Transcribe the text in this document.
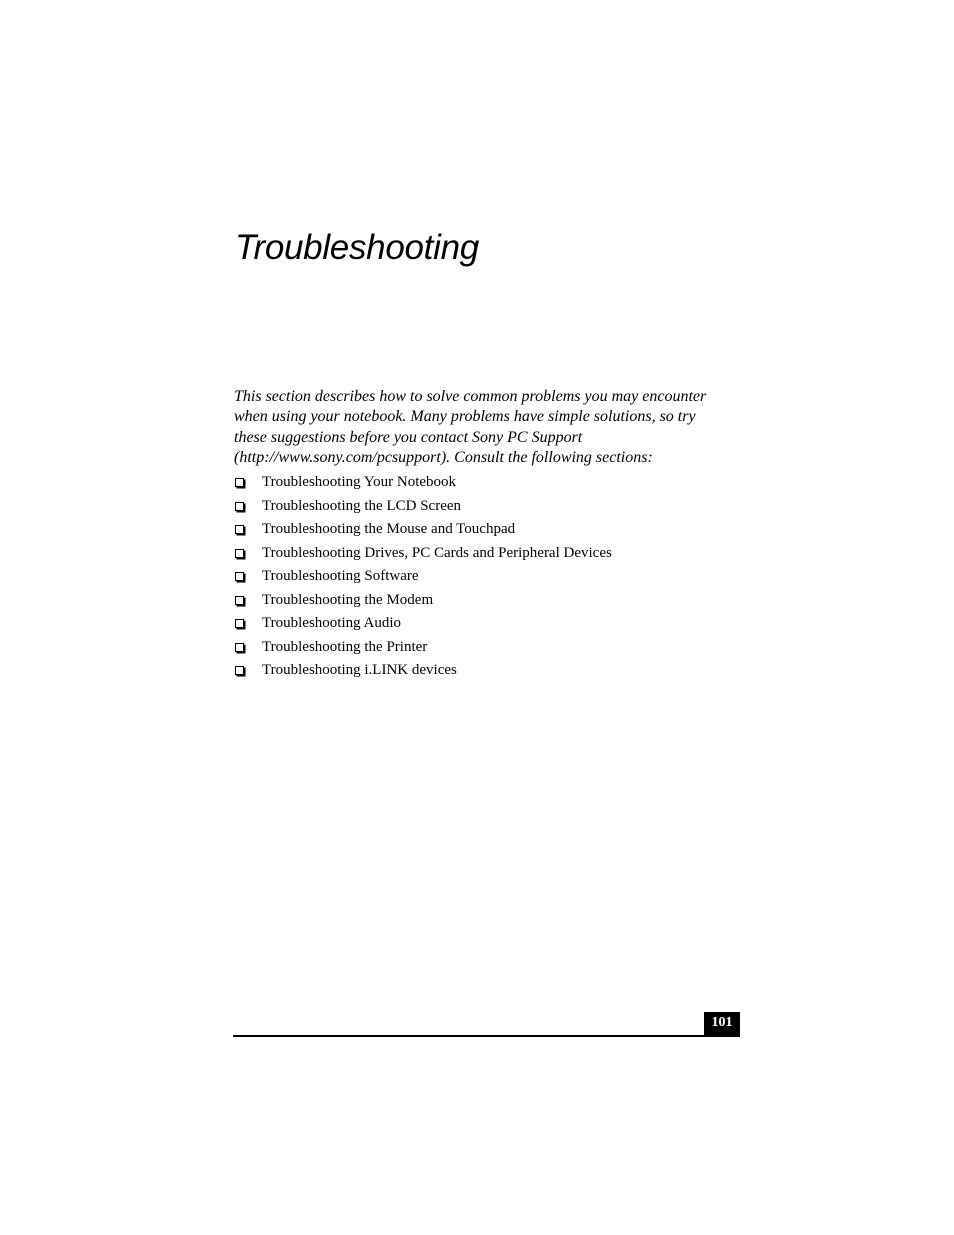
Troubleshooting
This section describes how to solve common problems you may encounter
when using your notebook. Many problems have simple solutions, so try
these suggestions before you contact Sony PC Support
(http://www.sony.com/pcsupport). Consult the following sections:
Troubleshooting Your Notebook
Troubleshooting the LCD Screen
Troubleshooting the Mouse and Touchpad
Troubleshooting Drives, PC Cards and Peripheral Devices
Troubleshooting Software
Troubleshooting the Modem
Troubleshooting Audio
Troubleshooting the Printer
Troubleshooting i.LINK devices
101
